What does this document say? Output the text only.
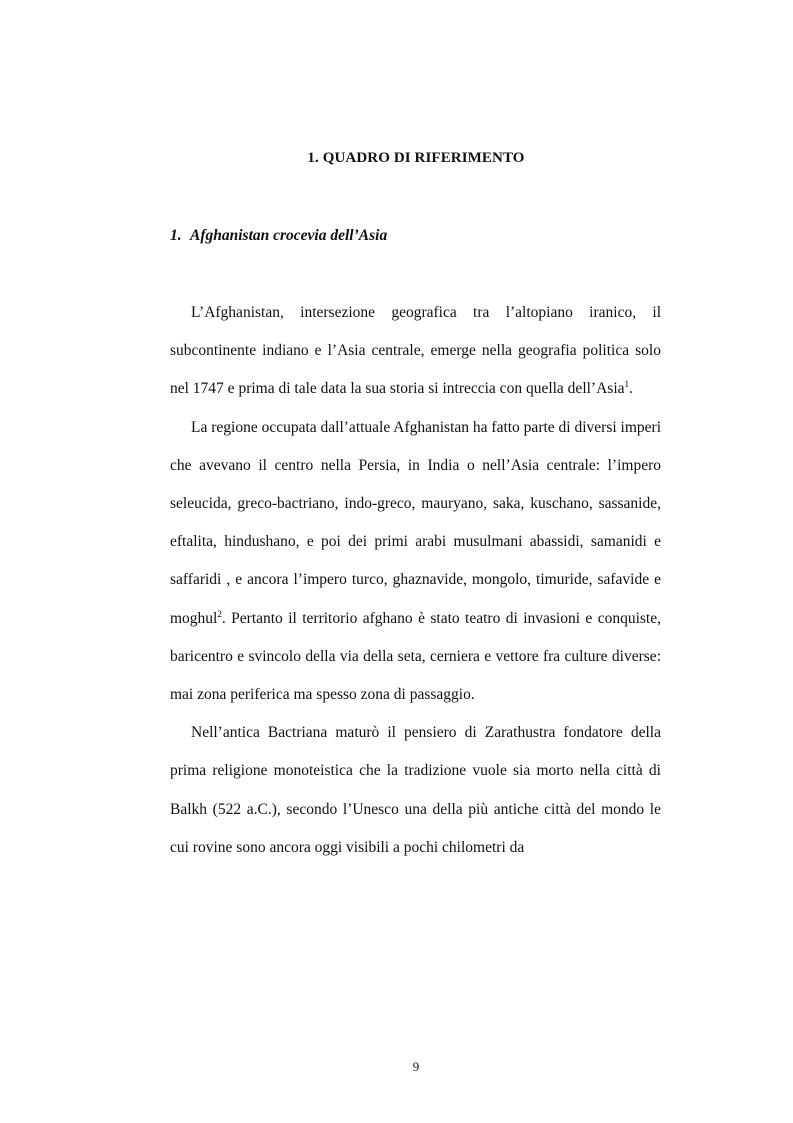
1. QUADRO DI RIFERIMENTO
1. Afghanistan crocevia dell’Asia

L’Afghanistan, intersezione geografica tra l’altopiano iranico, il subcontinente indiano e l’Asia centrale, emerge nella geografia politica solo nel 1747 e prima di tale data la sua storia si intreccia con quella dell’Asia$^1$.

La regione occupata dall’attuale Afghanistan ha fatto parte di diversi imperi che avevano il centro nella Persia, in India o nell’Asia centrale: l’impero seleucida, greco-bactriano, indo-greco, mauryano, saka, kuschano, sassanide, eftalita, hindushano, e poi dei primi arabi musulmani abassidi, samanidi e saffaridi , e ancora l’impero turco, ghaznavide, mongolo, timuride, safavide e moghul$^2$. Pertanto il territorio afghano è stato teatro di invasioni e conquiste, baricentro e svincolo della via della seta, cerniera e vettore fra culture diverse: mai zona periferica ma spesso zona di passaggio.

Nell’antica Bactriana maturò il pensiero di Zarathustra fondatore della prima religione monoteistica che la tradizione vuole sia morto nella città di Balkh (522 a.C.), secondo l’Unesco una della più antiche città del mondo le cui rovine sono ancora oggi visibili a pochi chilometri da

9
